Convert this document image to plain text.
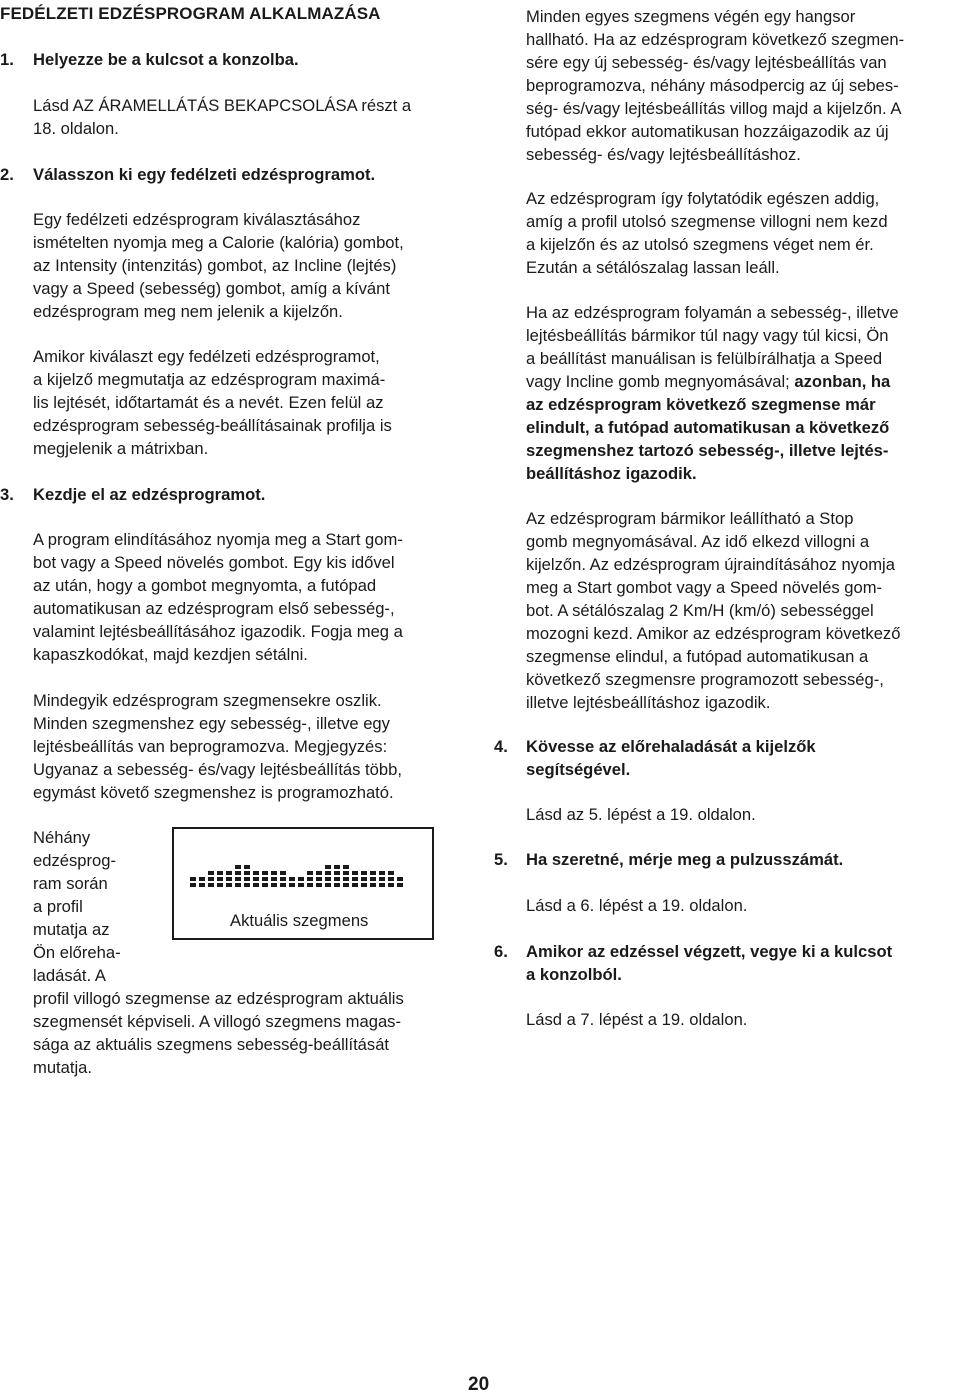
FEDÉLZETI EDZÉSPROGRAM ALKALMAZÁSA
1. Helyezze be a kulcsot a konzolba.
Lásd AZ ÁRAMELLÁTÁS BEKAPCSOLÁSA részt a
18. oldalon.
2. Válasszon ki egy fedélzeti edzésprogramot.
Egy fedélzeti edzésprogram kiválasztásához
ismételten nyomja meg a Calorie (kalória) gombot,
az Intensity (intenzitás) gombot, az Incline (lejtés)
vagy a Speed (sebesség) gombot, amíg a kívánt
edzésprogram meg nem jelenik a kijelzőn.
Amikor kiválaszt egy fedélzeti edzésprogramot,
a kijelző megmutatja az edzésprogram maximá-
lis lejtését, időtartamát és a nevét. Ezen felül az
edzésprogram sebesség-beállításainak profilja is
megjelenik a mátrixban.
3. Kezdje el az edzésprogramot.
A program elindításához nyomja meg a Start gom-
bot vagy a Speed növelés gombot. Egy kis idővel
az után, hogy a gombot megnyomta, a futópad
automatikusan az edzésprogram első sebesség-,
valamint lejtésbeállításához igazodik. Fogja meg a
kapaszkodókat, majd kezdjen sétálni.
Mindegyik edzésprogram szegmensekre oszlik.
Minden szegmenshez egy sebesség-, illetve egy
lejtésbeállítás van beprogramozva. Megjegyzés:
Ugyanaz a sebesség- és/vagy lejtésbeállítás több,
egymást követő szegmenshez is programozható.
Néhány
edzésprog-
ram során
a profil
mutatja az
Ön előreha-
ladását. A
profil villogó szegmense az edzésprogram aktuális
szegmensét képviseli. A villogó szegmens magas-
sága az aktuális szegmens sebesség-beállítását
mutatja.
Aktuális szegmens
Minden egyes szegmens végén egy hangsor
hallható. Ha az edzésprogram következő szegmen-
sére egy új sebesség- és/vagy lejtésbeállítás van
beprogramozva, néhány másodpercig az új sebes-
ség- és/vagy lejtésbeállítás villog majd a kijelzőn. A
futópad ekkor automatikusan hozzáigazodik az új
sebesség- és/vagy lejtésbeállításhoz.
Az edzésprogram így folytatódik egészen addig,
amíg a profil utolsó szegmense villogni nem kezd
a kijelzőn és az utolsó szegmens véget nem ér.
Ezután a sétálószalag lassan leáll.
Ha az edzésprogram folyamán a sebesség-, illetve
lejtésbeállítás bármikor túl nagy vagy túl kicsi, Ön
a beállítást manuálisan is felülbírálhatja a Speed
vagy Incline gomb megnyomásával; azonban, ha
az edzésprogram következő szegmense már
elindult, a futópad automatikusan a következő
szegmenshez tartozó sebesség-, illetve lejtés-
beállításhoz igazodik.
Az edzésprogram bármikor leállítható a Stop
gomb megnyomásával. Az idő elkezd villogni a
kijelzőn. Az edzésprogram újraindításához nyomja
meg a Start gombot vagy a Speed növelés gom-
bot. A sétálószalag 2 Km/H (km/ó) sebességgel
mozogni kezd. Amikor az edzésprogram következő
szegmense elindul, a futópad automatikusan a
következő szegmensre programozott sebesség-,
illetve lejtésbeállításhoz igazodik.
4. Kövesse az előrehaladását a kijelzők
segítségével.
Lásd az 5. lépést a 19. oldalon.
5. Ha szeretné, mérje meg a pulzusszámát.
Lásd a 6. lépést a 19. oldalon.
6. Amikor az edzéssel végzett, vegye ki a kulcsot
a konzolból.
Lásd a 7. lépést a 19. oldalon.
20
